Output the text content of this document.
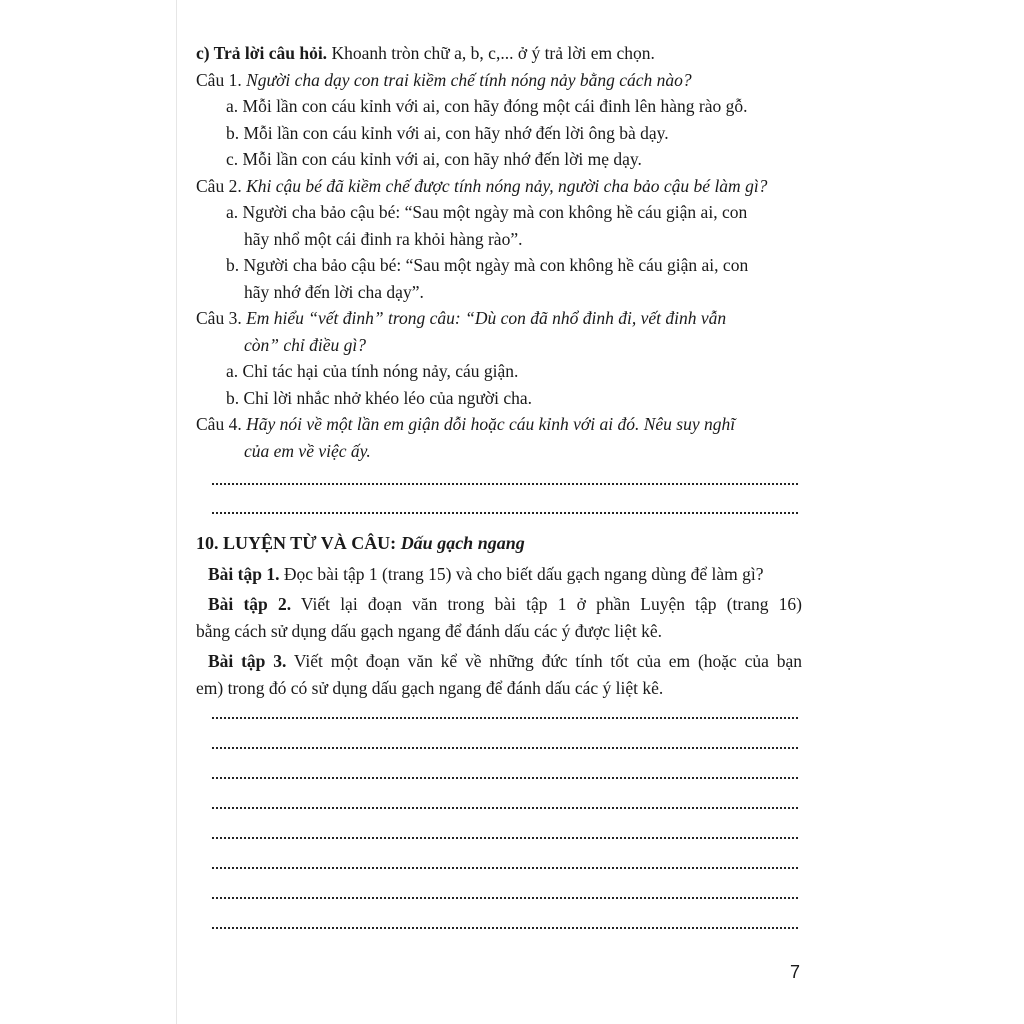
c) Trả lời câu hỏi. Khoanh tròn chữ a, b, c,... ở ý trả lời em chọn.
Câu 1. Người cha dạy con trai kiềm chế tính nóng nảy bằng cách nào?
a. Mỗi lần con cáu kỉnh với ai, con hãy đóng một cái đinh lên hàng rào gỗ.
b. Mỗi lần con cáu kỉnh với ai, con hãy nhớ đến lời ông bà dạy.
c. Mỗi lần con cáu kỉnh với ai, con hãy nhớ đến lời mẹ dạy.
Câu 2. Khi cậu bé đã kiềm chế được tính nóng nảy, người cha bảo cậu bé làm gì?
a. Người cha bảo cậu bé: “Sau một ngày mà con không hề cáu giận ai, con
hãy nhổ một cái đinh ra khỏi hàng rào”.
b. Người cha bảo cậu bé: “Sau một ngày mà con không hề cáu giận ai, con
hãy nhớ đến lời cha dạy”.
Câu 3. Em hiểu “vết đinh” trong câu: “Dù con đã nhổ đinh đi, vết đinh vẫn
còn” chỉ điều gì?
a. Chỉ tác hại của tính nóng nảy, cáu giận.
b. Chỉ lời nhắc nhở khéo léo của người cha.
Câu 4. Hãy nói về một lần em giận dỗi hoặc cáu kỉnh với ai đó. Nêu suy nghĩ
của em về việc ấy.
10. LUYỆN TỪ VÀ CÂU: Dấu gạch ngang
Bài tập 1. Đọc bài tập 1 (trang 15) và cho biết dấu gạch ngang dùng để làm gì?
Bài tập 2. Viết lại đoạn văn trong bài tập 1 ở phần Luyện tập (trang 16)
bằng cách sử dụng dấu gạch ngang để đánh dấu các ý được liệt kê.
Bài tập 3. Viết một đoạn văn kể về những đức tính tốt của em (hoặc của bạn
em) trong đó có sử dụng dấu gạch ngang để đánh dấu các ý liệt kê.
7
